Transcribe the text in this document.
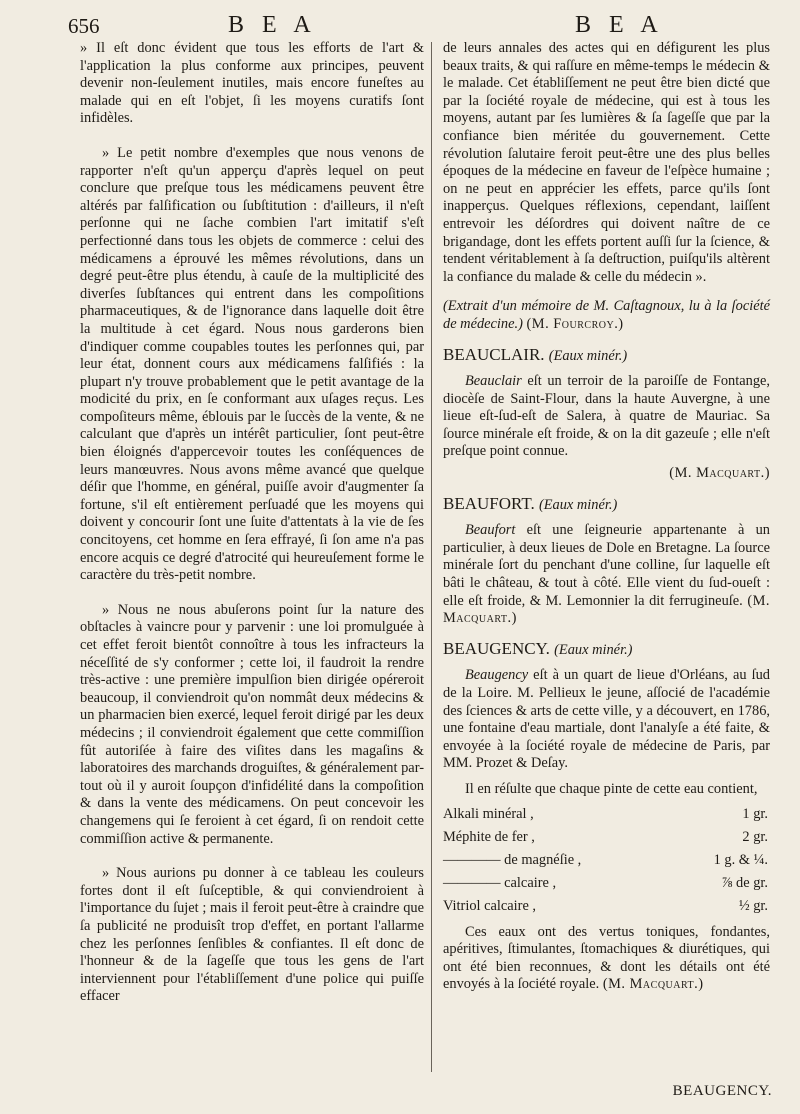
656	B E A	B E A

» Il eſt donc évident que tous les efforts de l'art & l'application la plus conforme aux principes, peuvent devenir non-ſeulement inutiles, mais encore funeſtes au malade qui en eſt l'objet, ſi les moyens curatifs ſont infidèles.

» Le petit nombre d'exemples que nous venons de rapporter n'eſt qu'un apperçu d'après lequel on peut conclure que preſque tous les médicamens peuvent être altérés par falſification ou ſubſtitution : d'ailleurs, il n'eſt perſonne qui ne ſache combien l'art imitatif s'eſt perfectionné dans tous les objets de commerce : celui des médicamens a éprouvé les mêmes révolutions, dans un degré peut-être plus étendu, à cauſe de la multiplicité des diverſes ſubſtances qui entrent dans les compoſitions pharmaceutiques, & de l'ignorance dans laquelle doit être la multitude à cet égard. Nous nous garderons bien d'indiquer comme coupables toutes les perſonnes qui, par leur état, donnent cours aux médicamens falſifiés : la plupart n'y trouve probablement que le petit avantage de la modicité du prix, en ſe conformant aux uſages reçus. Les compoſiteurs même, éblouis par le ſuccès de la vente, & ne calculant que d'après un intérêt particulier, ſont peut-être bien éloignés d'appercevoir toutes les conſéquences de leurs manœuvres. Nous avons même avancé que quelque déſir que l'homme, en général, puiſſe avoir d'augmenter ſa fortune, s'il eſt entièrement perſuadé que les moyens qui doivent y concourir ſont une ſuite d'attentats à la vie de ſes concitoyens, cet homme en ſera effrayé, ſi ſon ame n'a pas encore acquis ce degré d'atrocité qui heureuſement forme le caractère du très-petit nombre.

» Nous ne nous abuſerons point ſur la nature des obſtacles à vaincre pour y parvenir : une loi promulguée à cet effet feroit bientôt connoître à tous les infracteurs la néceſſité de s'y conformer ; cette loi, il faudroit la rendre très-active : une première impulſion bien dirigée opéreroit beaucoup, il conviendroit qu'on nommât deux médecins & un pharmacien bien exercé, lequel feroit dirigé par les deux médecins ; il conviendroit également que cette commiſſion fût autoriſée à faire des viſites dans les magaſins & laboratoires des marchands droguiſtes, & généralement par-tout où il y auroit ſoupçon d'infidélité dans la compoſition & dans la vente des médicamens. On peut concevoir les changemens qui ſe feroient à cet égard, ſi on rendoit cette commiſſion active & permanente.

» Nous aurions pu donner à ce tableau les couleurs fortes dont il eſt ſuſceptible, & qui conviendroient à l'importance du ſujet ; mais il feroit peut-être à craindre que ſa publicité ne produisît trop d'effet, en portant l'allarme chez les perſonnes ſenſibles & confiantes. Il eſt donc de l'honneur & de la ſageſſe que tous les gens de l'art interviennent pour l'établiſſement d'une police qui puiſſe effacer

de leurs annales des actes qui en défigurent les plus beaux traits, & qui raſſure en même-temps le médecin & le malade. Cet établiſſement ne peut être bien dicté que par la ſociété royale de médecine, qui est à tous les moyens, autant par ſes lumières & ſa ſageſſe que par la confiance bien méritée du gouvernement. Cette révolution ſalutaire feroit peut-être une des plus belles époques de la médecine en faveur de l'eſpèce humaine ; on ne peut en apprécier les effets, parce qu'ils ſont inapperçus. Quelques réflexions, cependant, laiſſent entrevoir les déſordres qui doivent naître de ce brigandage, dont les effets portent auſſi ſur la ſcience, & tendent véritablement à ſa deſtruction, puiſqu'ils altèrent la confiance du malade & celle du médecin ».

(Extrait d'un mémoire de M. Caſtagnoux, lu à la ſociété de médecine.) (M. Fourcroy.)
BEAUCLAIR. (Eaux minér.)

Beauclair eſt un terroir de la paroiſſe de Fontange, diocèſe de Saint-Flour, dans la haute Auvergne, à une lieue eſt-ſud-eſt de Salera, à quatre de Mauriac. Sa ſource minérale eſt froide, & on la dit gazeuſe ; elle n'eſt preſque point connue.

(M. Macquart.)
BEAUFORT. (Eaux minér.)

Beaufort eſt une ſeigneurie appartenante à un particulier, à deux lieues de Dole en Bretagne. La ſource minérale ſort du penchant d'une colline, ſur laquelle eſt bâti le château, & tout à côté. Elle vient du ſud-oueſt : elle eſt froide, & M. Lemonnier la dit ferrugineuſe. (M. Macquart.)

BEAUGENCY. (Eaux minér.)

Beaugency eſt à un quart de lieue d'Orléans, au ſud de la Loire. M. Pellieux le jeune, aſſocié de l'académie des ſciences & arts de cette ville, y a découvert, en 1786, une fontaine d'eau martiale, dont l'analyſe a été faite, & envoyée à la ſociété royale de médecine de Paris, par MM. Prozet & Deſay.

Il en réſulte que chaque pinte de cette eau contient,

Alkali minéral ,	1 gr.
Méphite de fer ,	2 gr.
———— de magnéſie ,	1 g. & ¼.
———— calcaire ,	⅞ de gr.
Vitriol calcaire ,	½ gr.

Ces eaux ont des vertus toniques, fondantes, apéritives, ſtimulantes, ſtomachiques & diurétiques, qui ont été bien reconnues, & dont les détails ont été envoyés à la ſociété royale. (M. Macquart.)

BEAUGENCY.
